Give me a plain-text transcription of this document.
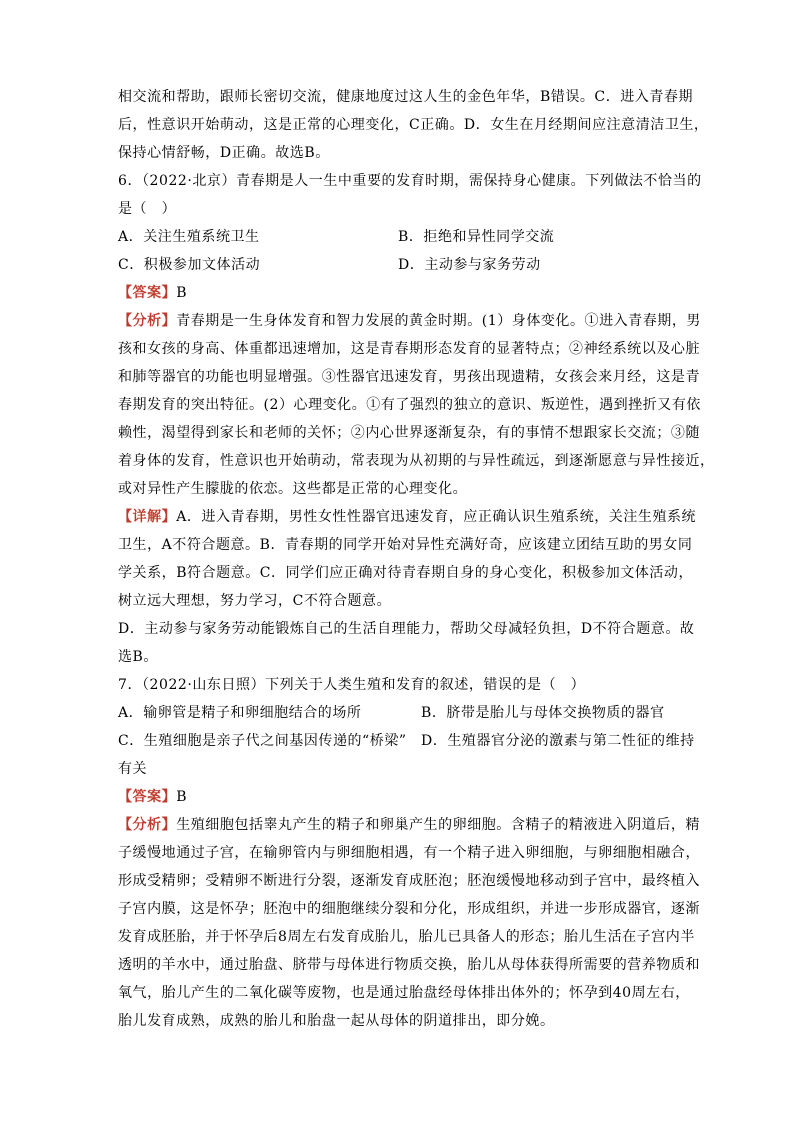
相交流和帮助，跟师长密切交流，健康地度过这人生的金色年华，B错误。C．进入青春期
后，性意识开始萌动，这是正常的心理变化，C正确。D．女生在月经期间应注意清洁卫生，
保持心情舒畅，D正确。故选B。
6．（2022·北京）青春期是人一生中重要的发育时期，需保持身心健康。下列做法不恰当的
是（　）
A．关注生殖系统卫生	B．拒绝和异性同学交流
C．积极参加文体活动	D．主动参与家务劳动
【答案】B
【分析】青春期是一生身体发育和智力发展的黄金时期。(1）身体变化。①进入青春期，男
孩和女孩的身高、体重都迅速增加，这是青春期形态发育的显著特点；②神经系统以及心脏
和肺等器官的功能也明显增强。③性器官迅速发育，男孩出现遗精，女孩会来月经，这是青
春期发育的突出特征。(2）心理变化。①有了强烈的独立的意识、叛逆性，遇到挫折又有依
赖性，渴望得到家长和老师的关怀；②内心世界逐渐复杂，有的事情不想跟家长交流；③随
着身体的发育，性意识也开始萌动，常表现为从初期的与异性疏远，到逐渐愿意与异性接近，
或对异性产生朦胧的依恋。这些都是正常的心理变化。
【详解】A．进入青春期，男性女性性器官迅速发育，应正确认识生殖系统，关注生殖系统
卫生，A不符合题意。B．青春期的同学开始对异性充满好奇，应该建立团结互助的男女同
学关系，B符合题意。C．同学们应正确对待青春期自身的身心变化，积极参加文体活动，
树立远大理想，努力学习，C不符合题意。
D．主动参与家务劳动能锻炼自己的生活自理能力，帮助父母减轻负担，D不符合题意。故
选B。
7．（2022·山东日照）下列关于人类生殖和发育的叙述，错误的是（　）
A．输卵管是精子和卵细胞结合的场所	B．脐带是胎儿与母体交换物质的器官
C．生殖细胞是亲子代之间基因传递的“桥梁” D．生殖器官分泌的激素与第二性征的维持
有关
【答案】B
【分析】生殖细胞包括睾丸产生的精子和卵巢产生的卵细胞。含精子的精液进入阴道后，精
子缓慢地通过子宫，在输卵管内与卵细胞相遇，有一个精子进入卵细胞，与卵细胞相融合，
形成受精卵；受精卵不断进行分裂，逐渐发育成胚泡；胚泡缓慢地移动到子宫中，最终植入
子宫内膜，这是怀孕；胚泡中的细胞继续分裂和分化，形成组织，并进一步形成器官，逐渐
发育成胚胎，并于怀孕后8周左右发育成胎儿，胎儿已具备人的形态；胎儿生活在子宫内半
透明的羊水中，通过胎盘、脐带与母体进行物质交换，胎儿从母体获得所需要的营养物质和
氧气，胎儿产生的二氧化碳等废物，也是通过胎盘经母体排出体外的；怀孕到40周左右，
胎儿发育成熟，成熟的胎儿和胎盘一起从母体的阴道排出，即分娩。
